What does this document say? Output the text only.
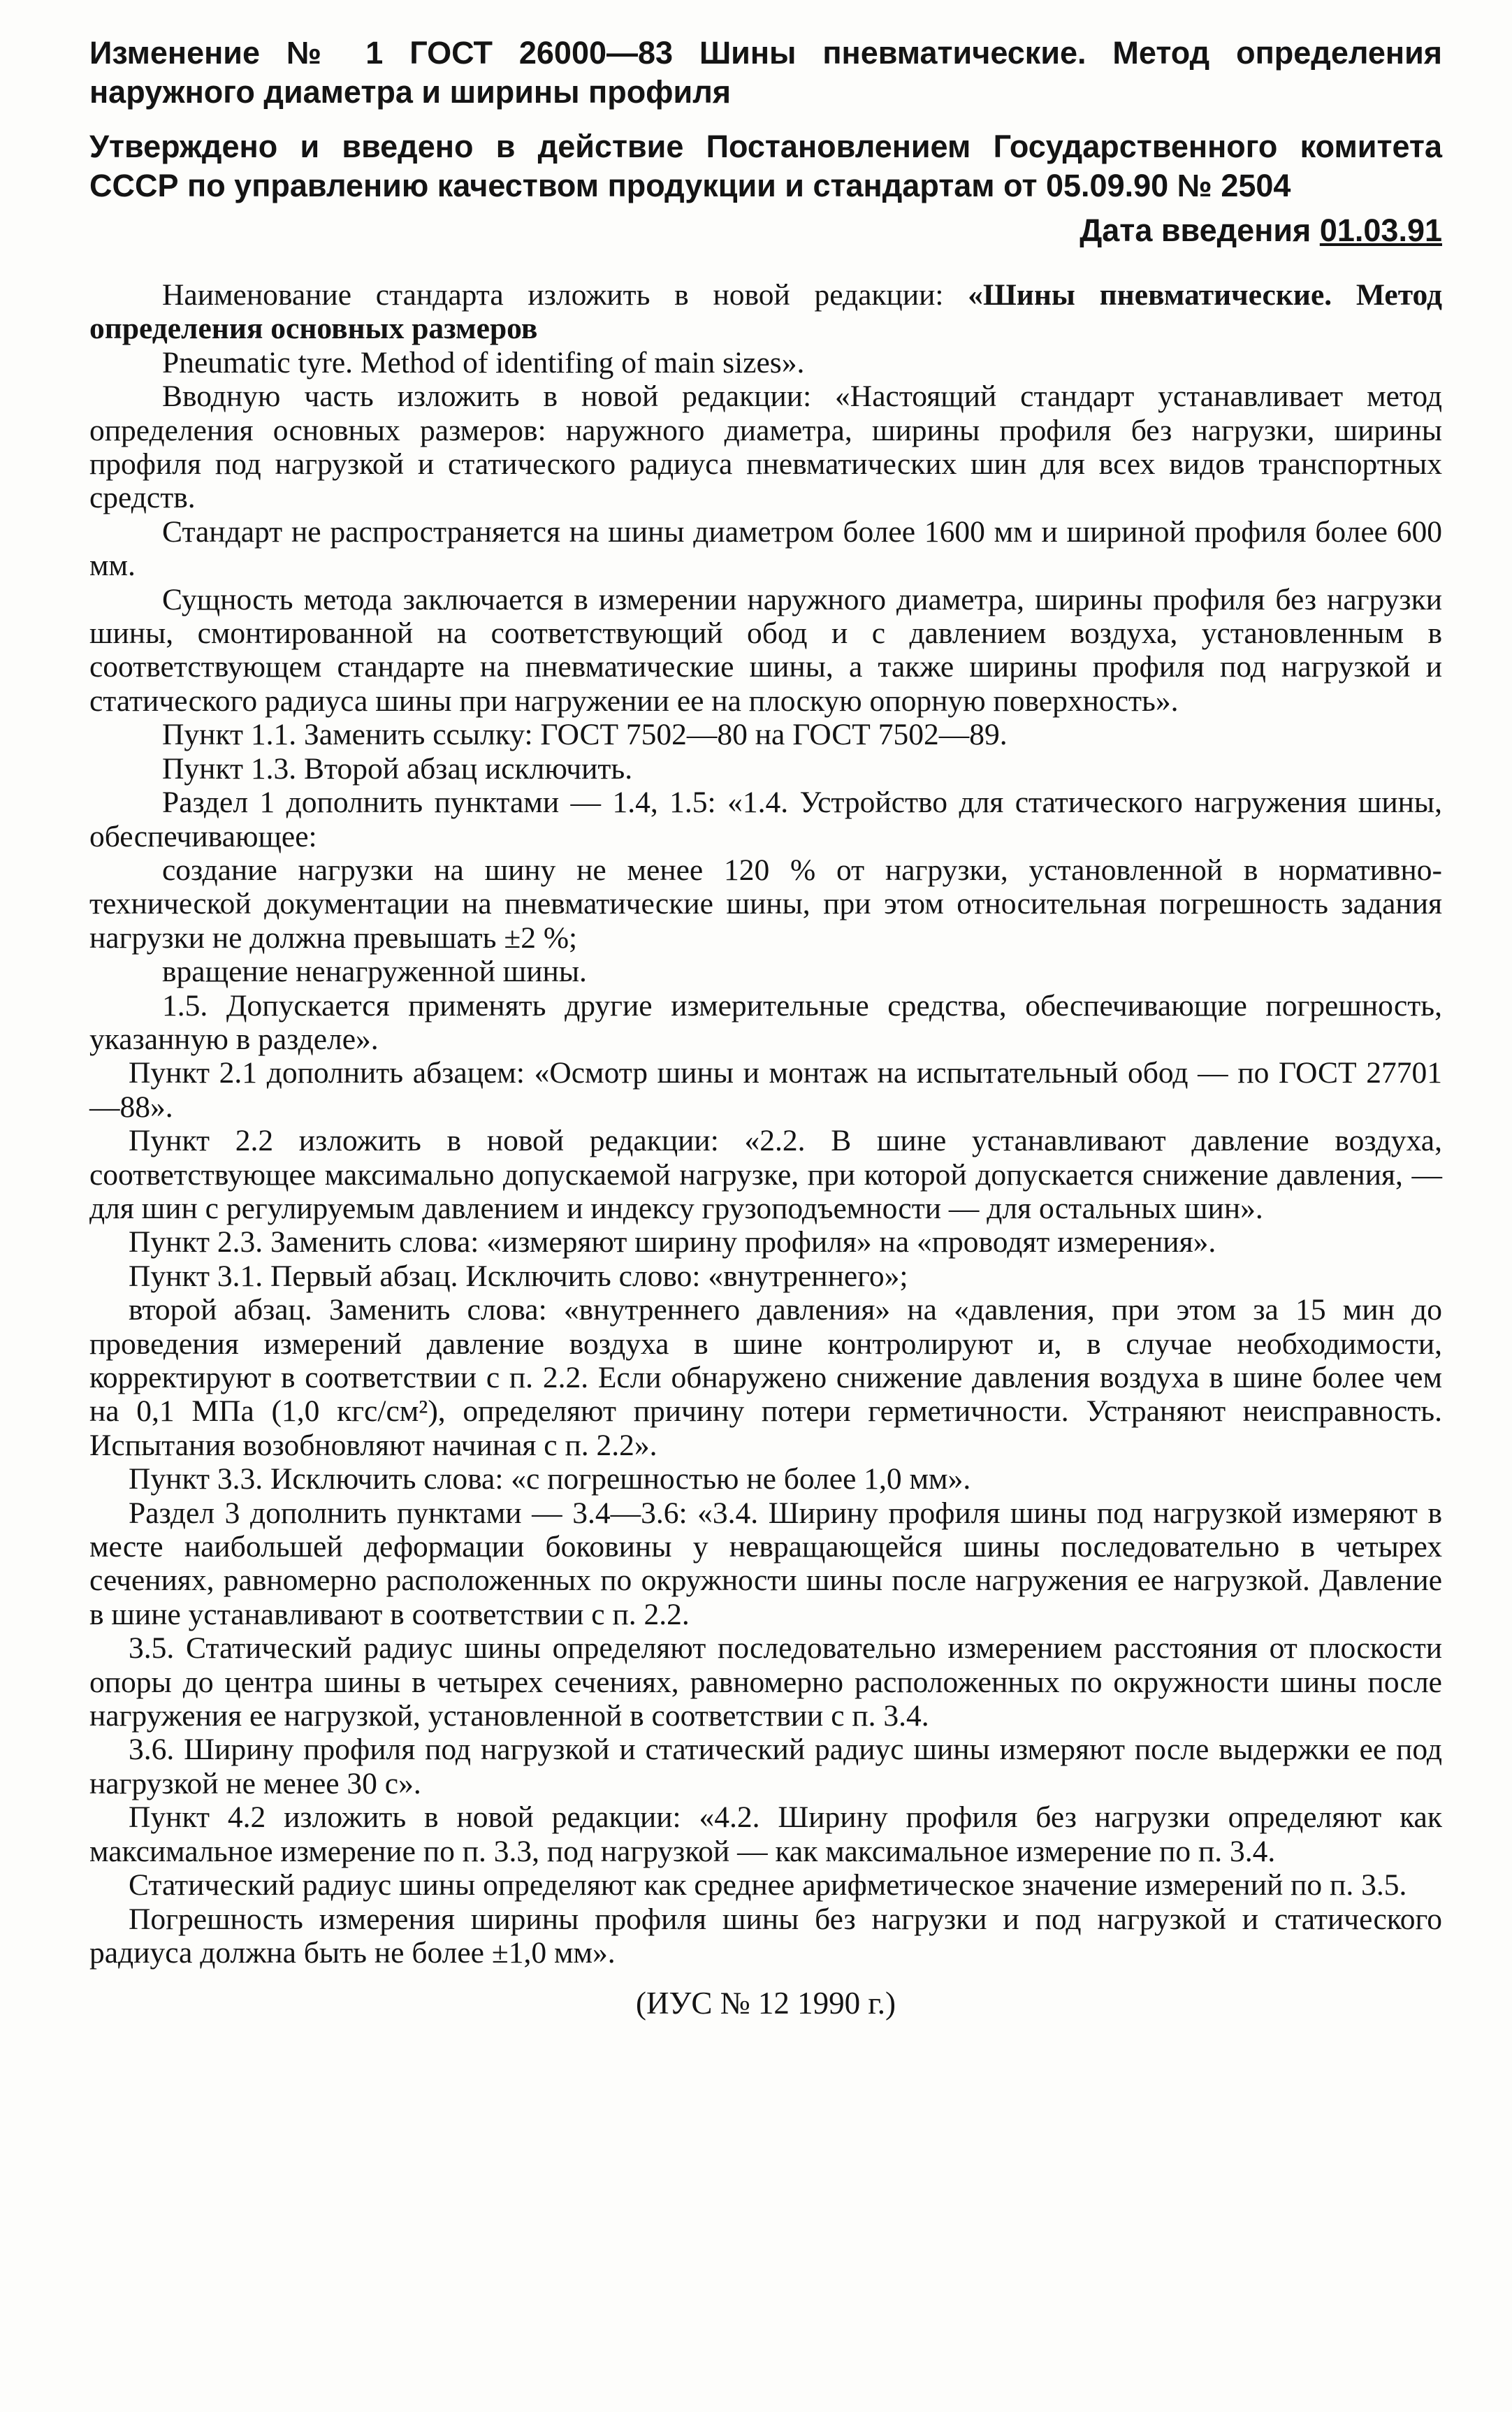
Изменение № 1 ГОСТ 26000—83 Шины пневматические. Метод определения наружного диаметра и ширины профиля
Утверждено и введено в действие Постановлением Государственного комитета СССР по управлению качеством продукции и стандартам от 05.09.90 № 2504
Дата введения 01.03.91

Наименование стандарта изложить в новой редакции: «Шины пневматические. Метод определения основных размеров

Pneumatic tyre. Method of identifing of main sizes».

Вводную часть изложить в новой редакции: «Настоящий стандарт устанавливает метод определения основных размеров: наружного диаметра, ширины профиля без нагрузки, ширины профиля под нагрузкой и статического радиуса пневматических шин для всех видов транспортных средств.

Стандарт не распространяется на шины диаметром более 1600 мм и шириной профиля более 600 мм.

Сущность метода заключается в измерении наружного диаметра, ширины профиля без нагрузки шины, смонтированной на соответствующий обод и с давлением воздуха, установленным в соответствующем стандарте на пневматические шины, а также ширины профиля под нагрузкой и статического радиуса шины при нагружении ее на плоскую опорную поверхность».

Пункт 1.1. Заменить ссылку: ГОСТ 7502—80 на ГОСТ 7502—89.

Пункт 1.3. Второй абзац исключить.

Раздел 1 дополнить пунктами — 1.4, 1.5: «1.4. Устройство для статического нагружения шины, обеспечивающее:

создание нагрузки на шину не менее 120 % от нагрузки, установленной в нормативно-технической документации на пневматические шины, при этом относительная погрешность задания нагрузки не должна превышать ±2 %;

вращение ненагруженной шины.

1.5. Допускается применять другие измерительные средства, обеспечивающие погрешность, указанную в разделе».

Пункт 2.1 дополнить абзацем: «Осмотр шины и монтаж на испытательный обод — по ГОСТ 27701—88».

Пункт 2.2 изложить в новой редакции: «2.2. В шине устанавливают давление воздуха, соответствующее максимально допускаемой нагрузке, при которой допускается снижение давления, — для шин с регулируемым давлением и индексу грузоподъемности — для остальных шин».

Пункт 2.3. Заменить слова: «измеряют ширину профиля» на «проводят измерения».

Пункт 3.1. Первый абзац. Исключить слово: «внутреннего»;

второй абзац. Заменить слова: «внутреннего давления» на «давления, при этом за 15 мин до проведения измерений давление воздуха в шине контролируют и, в случае необходимости, корректируют в соответствии с п. 2.2. Если обнаружено снижение давления воздуха в шине более чем на 0,1 МПа (1,0 кгс/см²), определяют причину потери герметичности. Устраняют неисправность. Испытания возобновляют начиная с п. 2.2».

Пункт 3.3. Исключить слова: «с погрешностью не более 1,0 мм».

Раздел 3 дополнить пунктами — 3.4—3.6: «3.4. Ширину профиля шины под нагрузкой измеряют в месте наибольшей деформации боковины у невращающейся шины последовательно в четырех сечениях, равномерно расположенных по окружности шины после нагружения ее нагрузкой. Давление в шине устанавливают в соответствии с п. 2.2.

3.5. Статический радиус шины определяют последовательно измерением расстояния от плоскости опоры до центра шины в четырех сечениях, равномерно расположенных по окружности шины после нагружения ее нагрузкой, установленной в соответствии с п. 3.4.

3.6. Ширину профиля под нагрузкой и статический радиус шины измеряют после выдержки ее под нагрузкой не менее 30 с».

Пункт 4.2 изложить в новой редакции: «4.2. Ширину профиля без нагрузки определяют как максимальное измерение по п. 3.3, под нагрузкой — как максимальное измерение по п. 3.4.

Статический радиус шины определяют как среднее арифметическое значение измерений по п. 3.5.

Погрешность измерения ширины профиля шины без нагрузки и под нагрузкой и статического радиуса должна быть не более ±1,0 мм».

(ИУС № 12 1990 г.)
